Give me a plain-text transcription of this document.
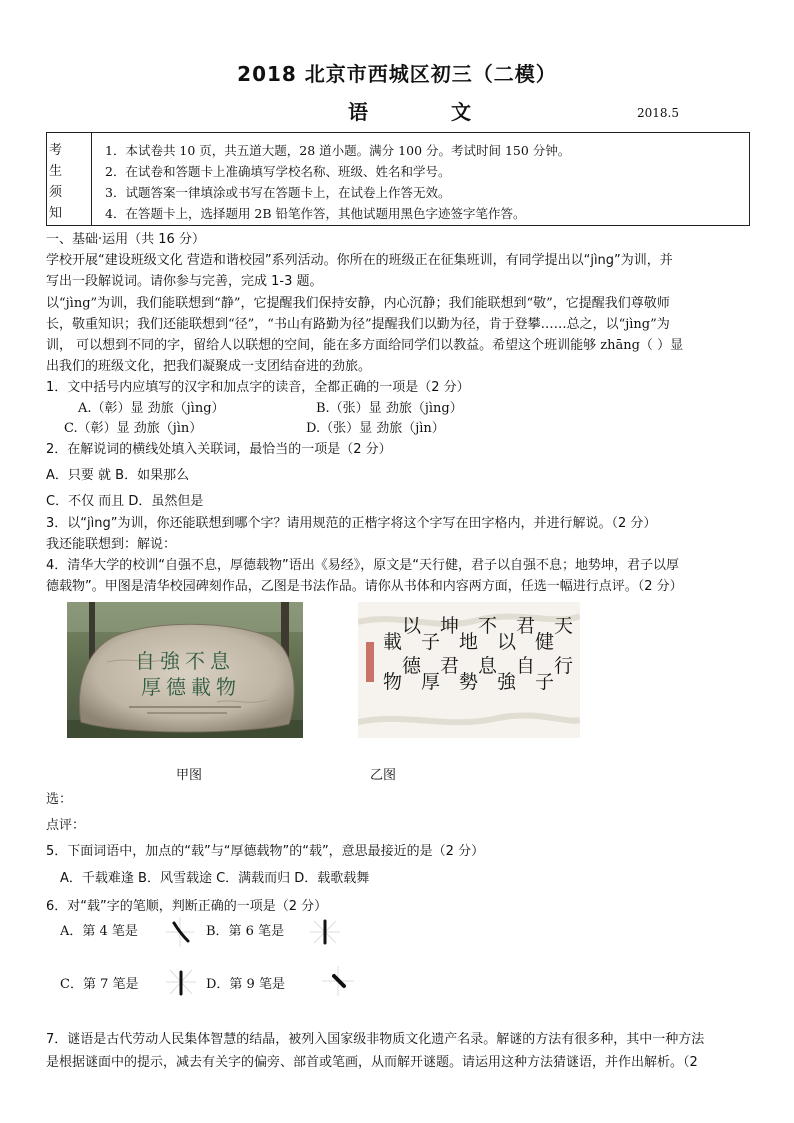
2018 北京市西城区初三（二模）
语 文	2018.5
考
生
须
知
1．本试卷共 10 页，共五道大题，28 道小题。满分 100 分。考试时间 150 分钟。
2．在试卷和答题卡上准确填写学校名称、班级、姓名和学号。
3．试题答案一律填涂或书写在答题卡上，在试卷上作答无效。
4．在答题卡上，选择题用 2B 铅笔作答，其他试题用黑色字迹签字笔作答。
一、基础·运用（共 16 分）
学校开展“建设班级文化 营造和谐校园”系列活动。你所在的班级正在征集班训，有同学提出以“jìng”为训，并
写出一段解说词。请你参与完善，完成 1-3 题。
以“jìng”为训，我们能联想到“静”，它提醒我们保持安静，内心沉静；我们能联想到“敬”，它提醒我们尊敬师
长，敬重知识；我们还能联想到“径”，“书山有路勤为径”提醒我们以勤为径，肯于登攀……总之，以“jìng”为
训， 可以想到不同的字，留给人以联想的空间，能在多方面给同学们以教益。希望这个班训能够 zhāng（ ）显
出我们的班级文化，把我们凝聚成一支团结奋进的劲旅。
1．文中括号内应填写的汉字和加点字的读音，全都正确的一项是（2 分）
A.（彰）显 劲旅（jìng）	B.（张）显 劲旅（jìng）
C.（彰）显 劲旅（jìn）	D.（张）显 劲旅（jìn）
2．在解说词的横线处填入关联词，最恰当的一项是（2 分）
A．只要 就 B．如果那么
C．不仅 而且 D．虽然但是
3．以“jìng”为训，你还能联想到哪个字？请用规范的正楷字将这个字写在田字格内，并进行解说。（2 分）
我还能联想到：解说：
4．清华大学的校训“自强不息，厚德载物”语出《易经》，原文是“天行健，君子以自强不息；地势坤，君子以厚
德载物”。甲图是清华校园碑刻作品，乙图是书法作品。请你从书体和内容两方面，任选一幅进行点评。（2 分）
自強不息
厚德載物
天行
健子
君自
以強
不息
地勢
坤君
子厚
以德
載物
甲图	乙图
选：
点评：
5．下面词语中，加点的“载”与“厚德载物”的“载”，意思最接近的是（2 分）
A．千载难逢 B．风雪载途 C．满载而归 D．载歌载舞
6．对“载”字的笔顺，判断正确的一项是（2 分）
A．第 4 笔是	B．第 6 笔是
C．第 7 笔是	D．第 9 笔是
7．谜语是古代劳动人民集体智慧的结晶，被列入国家级非物质文化遗产名录。解谜的方法有很多种，其中一种方法
是根据谜面中的提示，减去有关字的偏旁、部首或笔画，从而解开谜题。请运用这种方法猜谜语，并作出解析。（2
